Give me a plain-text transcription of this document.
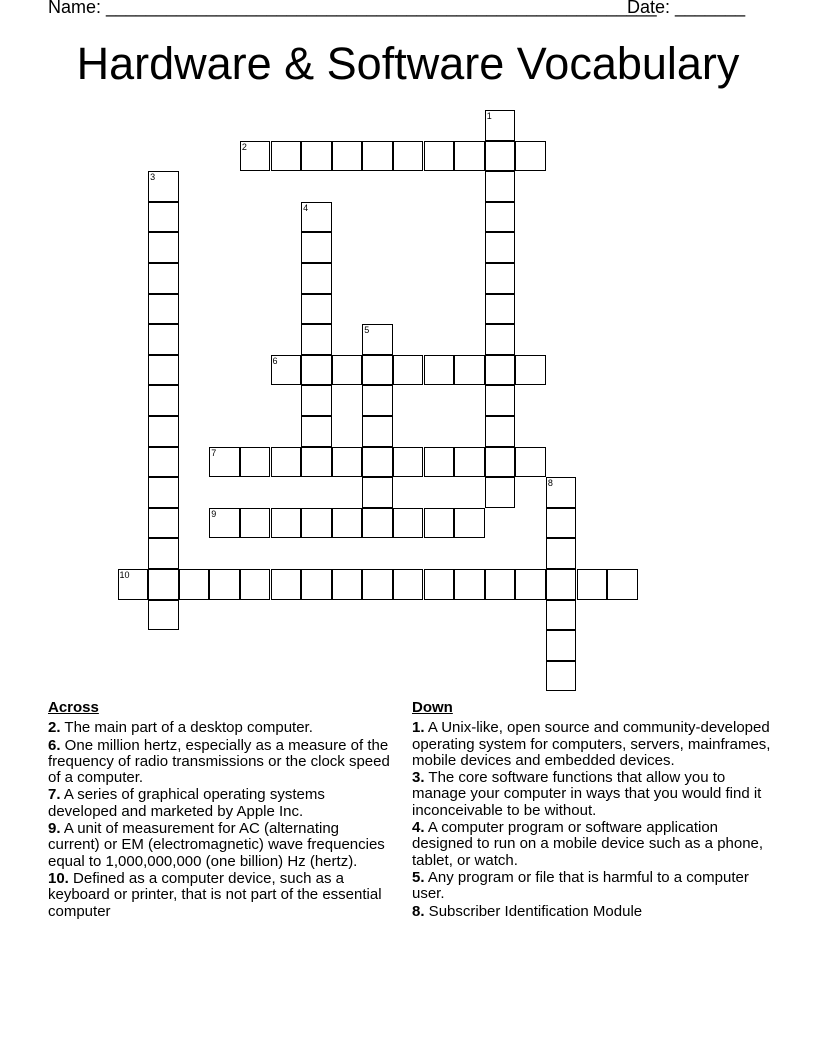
Name: _______________________________________________________
Date: _______
Hardware & Software Vocabulary
1
2
3
4
5
6
7
8
9
10
Across
2. The main part of a desktop computer.
6. One million hertz, especially as a measure of the frequency of radio transmissions or the clock speed of a computer.
7. A series of graphical operating systems developed and marketed by Apple Inc.
9. A unit of measurement for AC (alternating current) or EM (electromagnetic) wave frequencies equal to 1,000,000,000 (one billion) Hz (hertz).
10. Defined as a computer device, such as a keyboard or printer, that is not part of the essential computer
Down
1. A Unix-like, open source and community-developed operating system for computers, servers, mainframes, mobile devices and embedded devices.
3. The core software functions that allow you to manage your computer in ways that you would find it inconceivable to be without.
4. A computer program or software application designed to run on a mobile device such as a phone, tablet, or watch.
5. Any program or file that is harmful to a computer user.
8. Subscriber Identification Module
